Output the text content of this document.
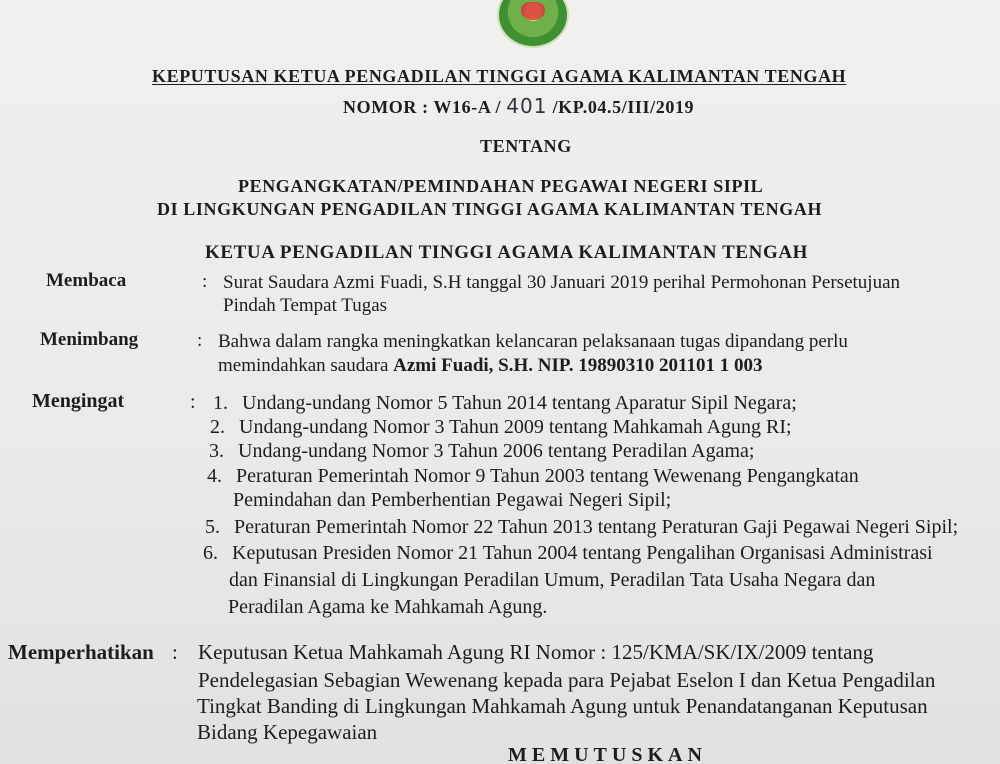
KEPUTUSAN KETUA PENGADILAN TINGGI AGAMA KALIMANTAN TENGAH
NOMOR : W16-A / 401 /KP.04.5/III/2019
TENTANG
PENGANGKATAN/PEMINDAHAN PEGAWAI NEGERI SIPIL
DI LINGKUNGAN PENGADILAN TINGGI AGAMA KALIMANTAN TENGAH
KETUA PENGADILAN TINGGI AGAMA KALIMANTAN TENGAH
Membaca	: Surat Saudara Azmi Fuadi, S.H tanggal 30 Januari 2019 perihal Permohonan Persetujuan
Pindah Tempat Tugas
Menimbang	: Bahwa dalam rangka meningkatkan kelancaran pelaksanaan tugas dipandang perlu
memindahkan saudara Azmi Fuadi, S.H. NIP. 19890310 201101 1 003
Mengingat	: 1. Undang-undang Nomor 5 Tahun 2014 tentang Aparatur Sipil Negara;
2. Undang-undang Nomor 3 Tahun 2009 tentang Mahkamah Agung RI;
3. Undang-undang Nomor 3 Tahun 2006 tentang Peradilan Agama;
4. Peraturan Pemerintah Nomor 9 Tahun 2003 tentang Wewenang Pengangkatan
Pemindahan dan Pemberhentian Pegawai Negeri Sipil;
5. Peraturan Pemerintah Nomor 22 Tahun 2013 tentang Peraturan Gaji Pegawai Negeri Sipil;
6. Keputusan Presiden Nomor 21 Tahun 2004 tentang Pengalihan Organisasi Administrasi
dan Finansial di Lingkungan Peradilan Umum, Peradilan Tata Usaha Negara dan
Peradilan Agama ke Mahkamah Agung.
Memperhatikan : Keputusan Ketua Mahkamah Agung RI Nomor : 125/KMA/SK/IX/2009 tentang
Pendelegasian Sebagian Wewenang kepada para Pejabat Eselon I dan Ketua Pengadilan
Tingkat Banding di Lingkungan Mahkamah Agung untuk Penandatanganan Keputusan
Bidang Kepegawaian
MEMUTUSKAN
